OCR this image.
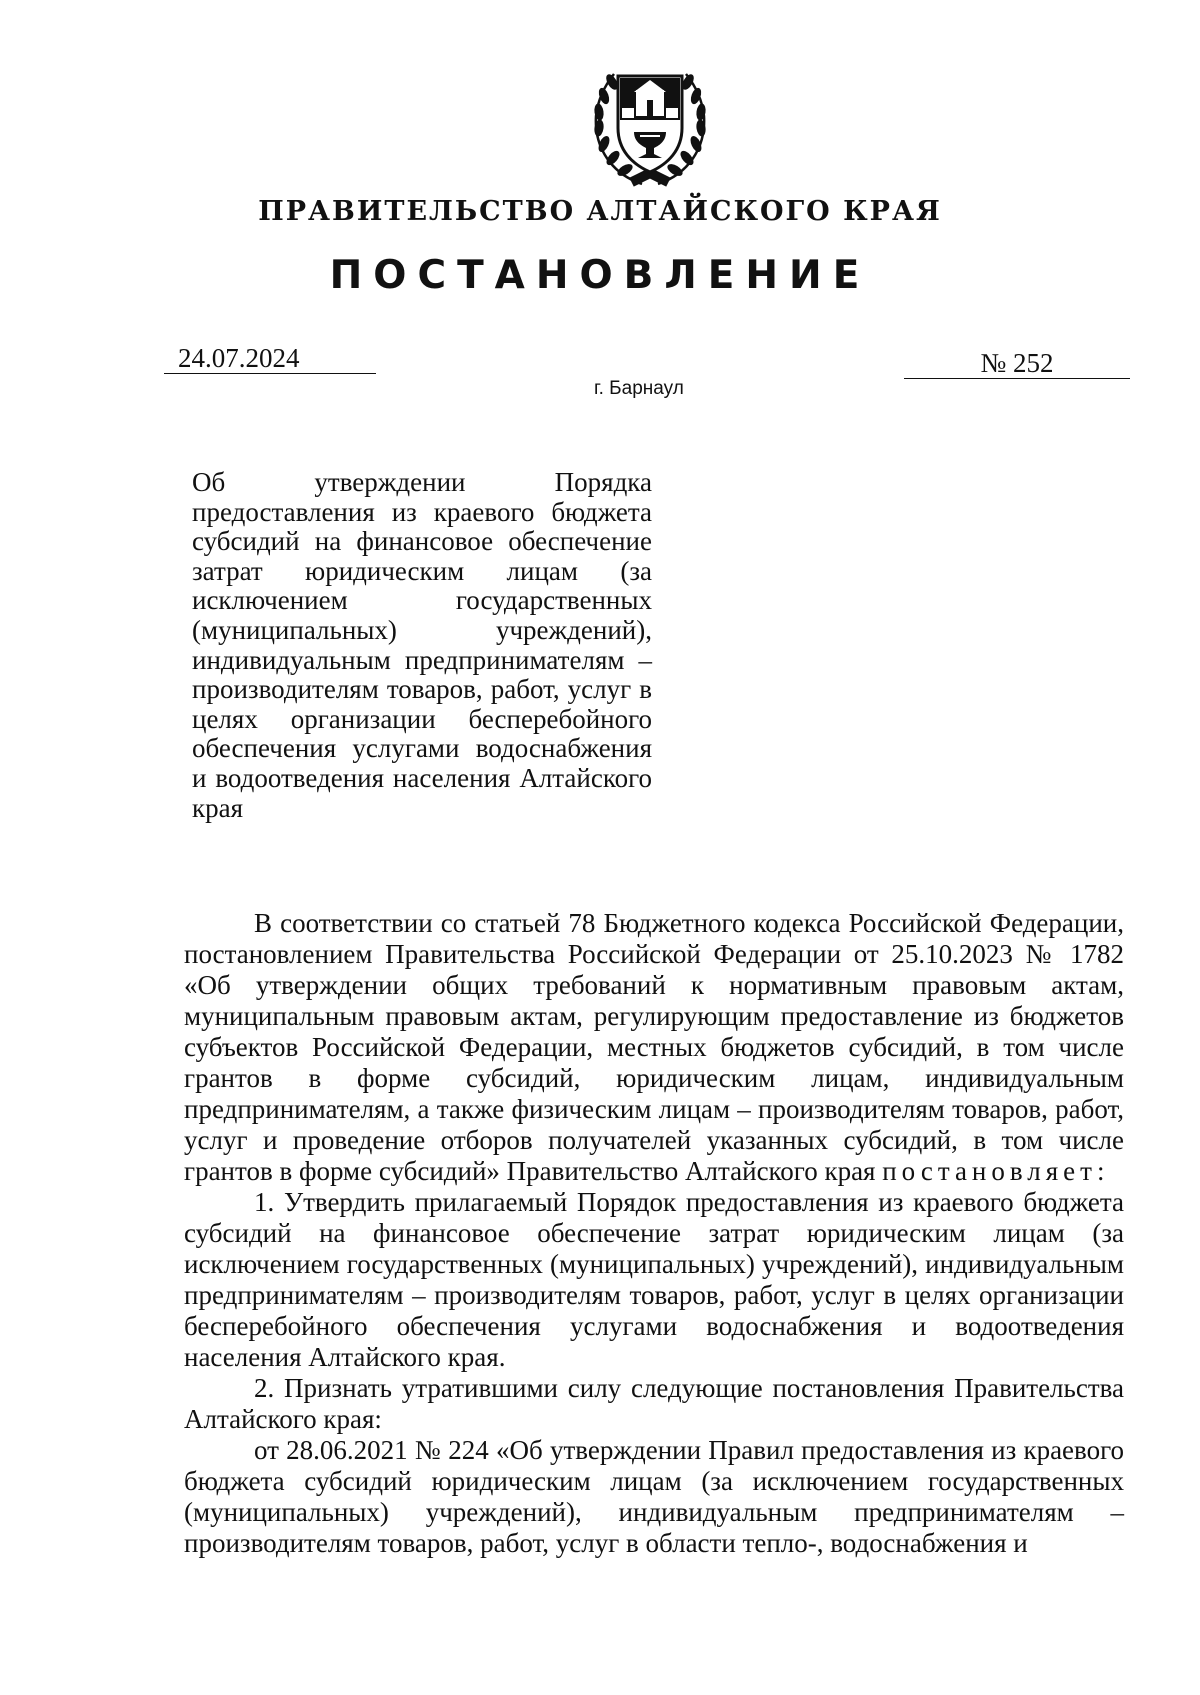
ПРАВИТЕЛЬСТВО АЛТАЙСКОГО КРАЯ
ПОСТАНОВЛЕНИЕ
24.07.2024	№ 252
г. Барнаул

Об утверждении Порядка предоставления из краевого бюджета субсидий на финансовое обеспечение затрат юридическим лицам (за исключением государственных (муниципальных) учреждений), индивидуальным предпринимателям – производителям товаров, работ, услуг в целях организации бесперебойного обеспечения услугами водоснабжения и водоотведения населения Алтайского края

В соответствии со статьей 78 Бюджетного кодекса Российской Федерации, постановлением Правительства Российской Федерации от 25.10.2023 № 1782 «Об утверждении общих требований к нормативным правовым актам, муниципальным правовым актам, регулирующим предоставление из бюджетов субъектов Российской Федерации, местных бюджетов субсидий, в том числе грантов в форме субсидий, юридическим лицам, индивидуальным предпринимателям, а также физическим лицам – производителям товаров, работ, услуг и проведение отборов получателей указанных субсидий, в том числе грантов в форме субсидий» Правительство Алтайского края постановляет:

1. Утвердить прилагаемый Порядок предоставления из краевого бюджета субсидий на финансовое обеспечение затрат юридическим лицам (за исключением государственных (муниципальных) учреждений), индивидуальным предпринимателям – производителям товаров, работ, услуг в целях организации бесперебойного обеспечения услугами водоснабжения и водоотведения населения Алтайского края.

2. Признать утратившими силу следующие постановления Правительства Алтайского края:

от 28.06.2021 № 224 «Об утверждении Правил предоставления из краевого бюджета субсидий юридическим лицам (за исключением государственных (муниципальных) учреждений), индивидуальным предпринимателям – производителям товаров, работ, услуг в области тепло-, водоснабжения и
